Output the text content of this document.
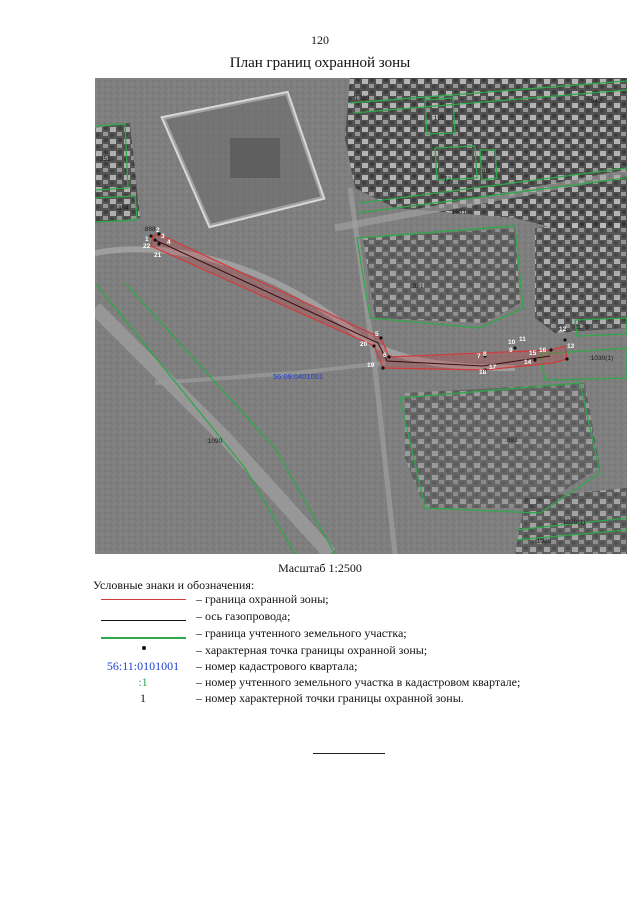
120
План границ охранной зоны
56:09:0401001
:1020	:942
:191
:351
:354
:888
:72
:89
:1031
:331
:179
:1030(1)
:1090	:893
:1028(1)
:1020
1
2
3
4
5
6	7 8
9
10 11
12
13
14
15 16
17
18
19
20
21
22
Масштаб 1:2500
Условные знаки и обозначения:
– граница охранной зоны;
– ось газопровода;
– граница учтенного земельного участка;
– характерная точка границы охранной зоны;
56:11:0101001	– номер кадастрового квартала;
:1	– номер учтенного земельного участка в кадастровом квартале;
1	– номер характерной точки границы охранной зоны.
